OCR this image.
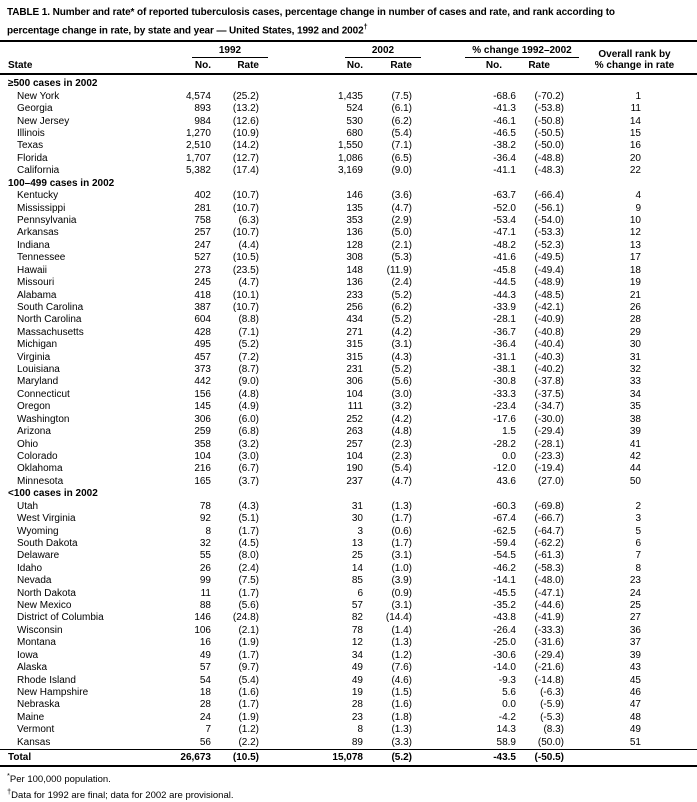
TABLE 1. Number and rate* of reported tuberculosis cases, percentage change in number of cases and rate, and rank according to
percentage change in rate, by state and year — United States, 1992 and 2002†
State	1992		2002		% change 1992–2002		Overall rank by
% change in rate

	No.	Rate	No.	Rate	No.	Rate	
≥500 cases in 2002							
New York	4,574	(25.2)	1,435	(7.5)	-68.6	(-70.2)	1
Georgia	893	(13.2)	524	(6.1)	-41.3	(-53.8)	11
New Jersey	984	(12.6)	530	(6.2)	-46.1	(-50.8)	14
Illinois	1,270	(10.9)	680	(5.4)	-46.5	(-50.5)	15
Texas	2,510	(14.2)	1,550	(7.1)	-38.2	(-50.0)	16
Florida	1,707	(12.7)	1,086	(6.5)	-36.4	(-48.8)	20
California	5,382	(17.4)	3,169	(9.0)	-41.1	(-48.3)	22
100–499 cases in 2002							
Kentucky	402	(10.7)	146	(3.6)	-63.7	(-66.4)	4
Mississippi	281	(10.7)	135	(4.7)	-52.0	(-56.1)	9
Pennsylvania	758	(6.3)	353	(2.9)	-53.4	(-54.0)	10
Arkansas	257	(10.7)	136	(5.0)	-47.1	(-53.3)	12
Indiana	247	(4.4)	128	(2.1)	-48.2	(-52.3)	13
Tennessee	527	(10.5)	308	(5.3)	-41.6	(-49.5)	17
Hawaii	273	(23.5)	148	(11.9)	-45.8	(-49.4)	18
Missouri	245	(4.7)	136	(2.4)	-44.5	(-48.9)	19
Alabama	418	(10.1)	233	(5.2)	-44.3	(-48.5)	21
South Carolina	387	(10.7)	256	(6.2)	-33.9	(-42.1)	26
North Carolina	604	(8.8)	434	(5.2)	-28.1	(-40.9)	28
Massachusetts	428	(7.1)	271	(4.2)	-36.7	(-40.8)	29
Michigan	495	(5.2)	315	(3.1)	-36.4	(-40.4)	30
Virginia	457	(7.2)	315	(4.3)	-31.1	(-40.3)	31
Louisiana	373	(8.7)	231	(5.2)	-38.1	(-40.2)	32
Maryland	442	(9.0)	306	(5.6)	-30.8	(-37.8)	33
Connecticut	156	(4.8)	104	(3.0)	-33.3	(-37.5)	34
Oregon	145	(4.9)	111	(3.2)	-23.4	(-34.7)	35
Washington	306	(6.0)	252	(4.2)	-17.6	(-30.0)	38
Arizona	259	(6.8)	263	(4.8)	1.5	(-29.4)	39
Ohio	358	(3.2)	257	(2.3)	-28.2	(-28.1)	41
Colorado	104	(3.0)	104	(2.3)	0.0	(-23.3)	42
Oklahoma	216	(6.7)	190	(5.4)	-12.0	(-19.4)	44
Minnesota	165	(3.7)	237	(4.7)	43.6	(27.0)	50
<100 cases in 2002							
Utah	78	(4.3)	31	(1.3)	-60.3	(-69.8)	2
West Virginia	92	(5.1)	30	(1.7)	-67.4	(-66.7)	3
Wyoming	8	(1.7)	3	(0.6)	-62.5	(-64.7)	5
South Dakota	32	(4.5)	13	(1.7)	-59.4	(-62.2)	6
Delaware	55	(8.0)	25	(3.1)	-54.5	(-61.3)	7
Idaho	26	(2.4)	14	(1.0)	-46.2	(-58.3)	8
Nevada	99	(7.5)	85	(3.9)	-14.1	(-48.0)	23
North Dakota	11	(1.7)	6	(0.9)	-45.5	(-47.1)	24
New Mexico	88	(5.6)	57	(3.1)	-35.2	(-44.6)	25
District of Columbia	146	(24.8)	82	(14.4)	-43.8	(-41.9)	27
Wisconsin	106	(2.1)	78	(1.4)	-26.4	(-33.3)	36
Montana	16	(1.9)	12	(1.3)	-25.0	(-31.6)	37
Iowa	49	(1.7)	34	(1.2)	-30.6	(-29.4)	39
Alaska	57	(9.7)	49	(7.6)	-14.0	(-21.6)	43
Rhode Island	54	(5.4)	49	(4.6)	-9.3	(-14.8)	45
New Hampshire	18	(1.6)	19	(1.5)	5.6	(-6.3)	46
Nebraska	28	(1.7)	28	(1.6)	0.0	(-5.9)	47
Maine	24	(1.9)	23	(1.8)	-4.2	(-5.3)	48
Vermont	7	(1.2)	8	(1.3)	14.3	(8.3)	49
Kansas	56	(2.2)	89	(3.3)	58.9	(50.0)	51
Total	26,673	(10.5)	15,078	(5.2)	-43.5	(-50.5)	
*Per 100,000 population.
†Data for 1992 are final; data for 2002 are provisional.
